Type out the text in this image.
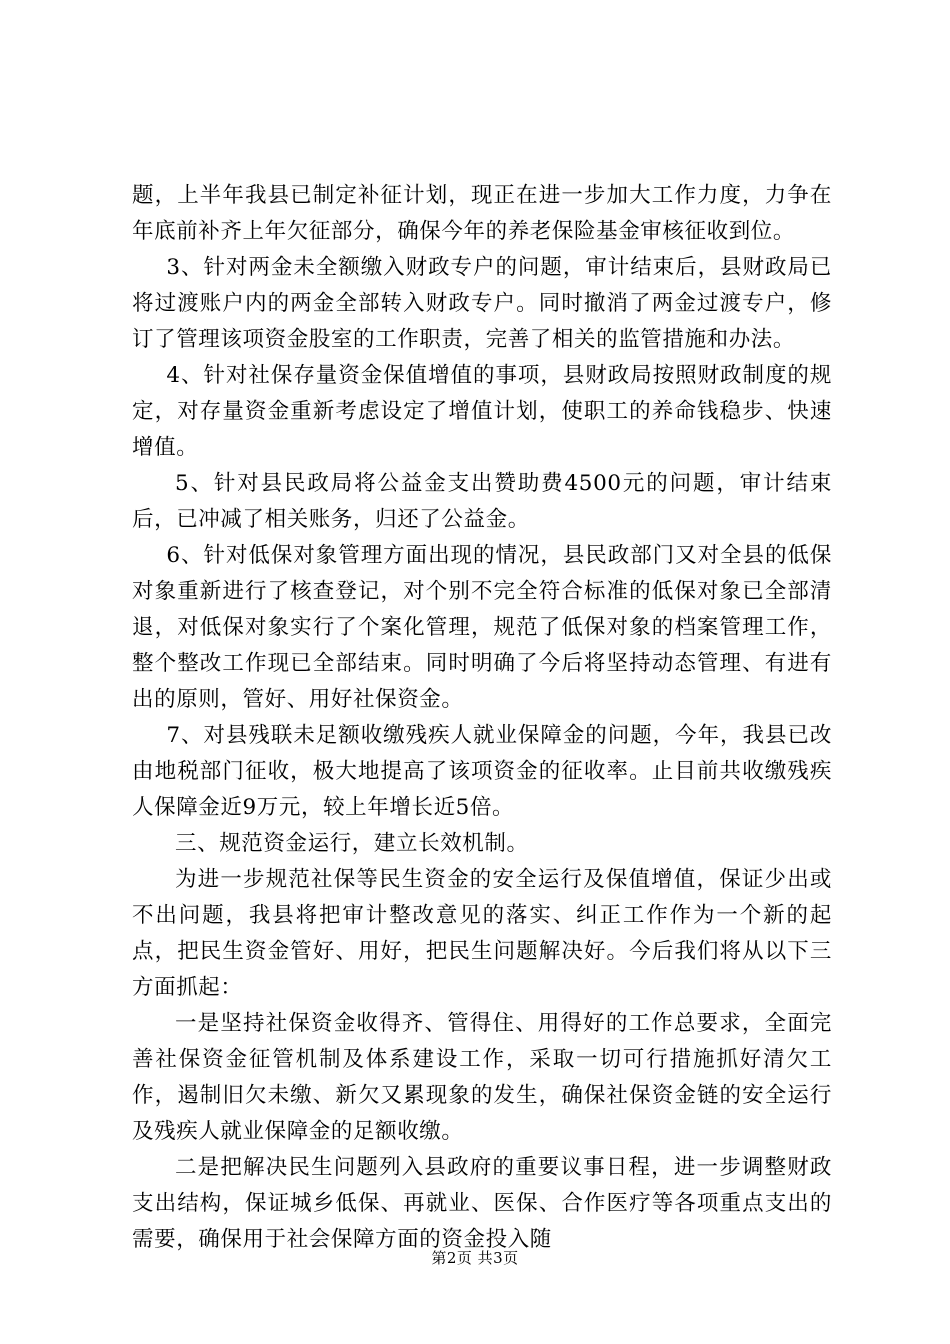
题，上半年我县已制定补征计划，现正在进一步加大工作力度，力争在年底前补齐上年欠征部分，确保今年的养老保险基金审核征收到位。

3、针对两金未全额缴入财政专户的问题，审计结束后，县财政局已将过渡账户内的两金全部转入财政专户。同时撤消了两金过渡专户，修订了管理该项资金股室的工作职责，完善了相关的监管措施和办法。

4、针对社保存量资金保值增值的事项，县财政局按照财政制度的规定，对存量资金重新考虑设定了增值计划，使职工的养命钱稳步、快速增值。

5、针对县民政局将公益金支出赞助费4500元的问题，审计结束后，已冲减了相关账务，归还了公益金。

6、针对低保对象管理方面出现的情况，县民政部门又对全县的低保对象重新进行了核查登记，对个别不完全符合标准的低保对象已全部清退，对低保对象实行了个案化管理，规范了低保对象的档案管理工作，整个整改工作现已全部结束。同时明确了今后将坚持动态管理、有进有出的原则，管好、用好社保资金。

7、对县残联未足额收缴残疾人就业保障金的问题，今年，我县已改由地税部门征收，极大地提高了该项资金的征收率。止目前共收缴残疾人保障金近9万元，较上年增长近5倍。

三、规范资金运行，建立长效机制。

为进一步规范社保等民生资金的安全运行及保值增值，保证少出或不出问题，我县将把审计整改意见的落实、纠正工作作为一个新的起点，把民生资金管好、用好，把民生问题解决好。今后我们将从以下三方面抓起：

一是坚持社保资金收得齐、管得住、用得好的工作总要求，全面完善社保资金征管机制及体系建设工作，采取一切可行措施抓好清欠工作，遏制旧欠未缴、新欠又累现象的发生，确保社保资金链的安全运行及残疾人就业保障金的足额收缴。

二是把解决民生问题列入县政府的重要议事日程，进一步调整财政支出结构，保证城乡低保、再就业、医保、合作医疗等各项重点支出的需要，确保用于社会保障方面的资金投入随

第2页 共3页
